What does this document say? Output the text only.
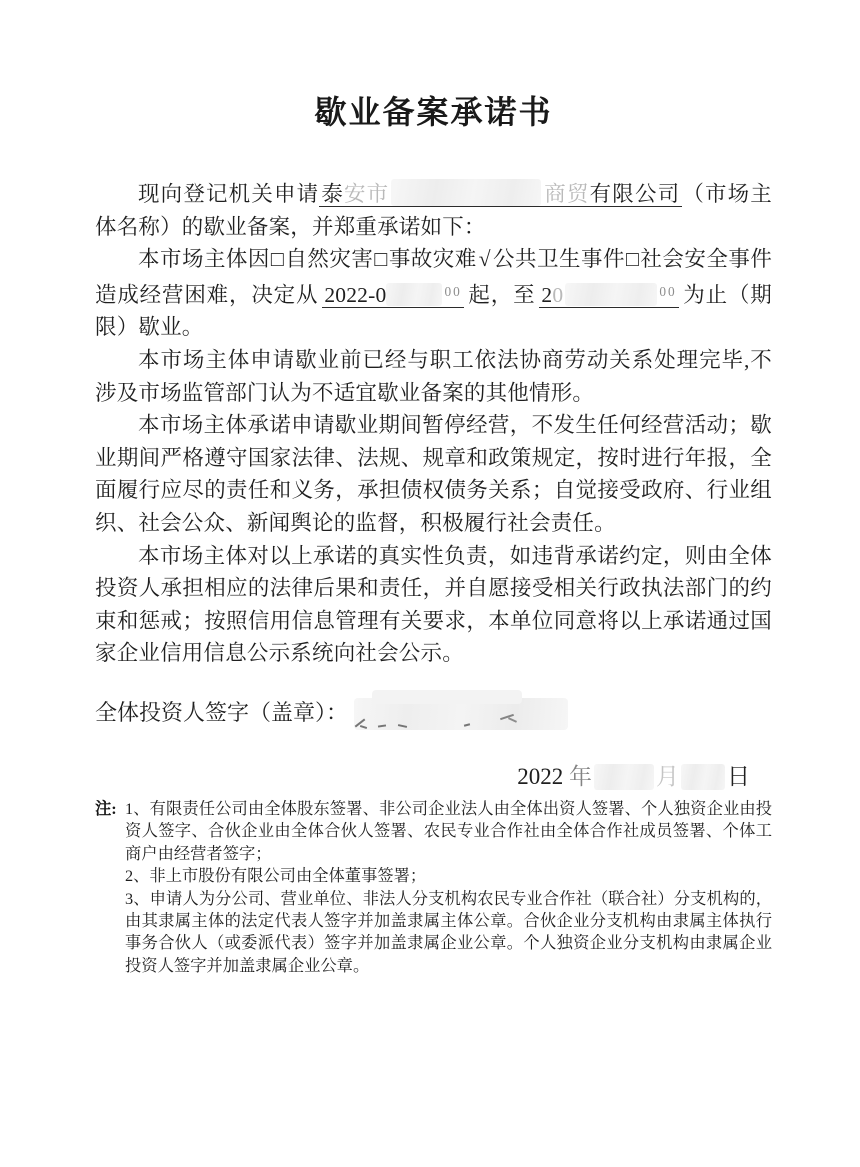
歇业备案承诺书

现向登记机关申请泰安市	商贸有限公司（市场主体名称）的歇业备案，并郑重承诺如下：

本市场主体因□自然灾害□事故灾难√公共卫生事件□社会安全事件造成经营困难，决定从 2022-0	$^{00}$ 起，至 20	$^{00}$ 为止（期限）歇业。

本市场主体申请歇业前已经与职工依法协商劳动关系处理完毕,不涉及市场监管部门认为不适宜歇业备案的其他情形。

本市场主体承诺申请歇业期间暂停经营，不发生任何经营活动；歇业期间严格遵守国家法律、法规、规章和政策规定，按时进行年报，全面履行应尽的责任和义务，承担债权债务关系；自觉接受政府、行业组织、社会公众、新闻舆论的监督，积极履行社会责任。

本市场主体对以上承诺的真实性负责，如违背承诺约定，则由全体投资人承担相应的法律后果和责任，并自愿接受相关行政执法部门的约束和惩戒；按照信用信息管理有关要求，本单位同意将以上承诺通过国家企业信用信息公示系统向社会公示。

全体投资人签字（盖章）：
2022 年	月 日
注: 1、有限责任公司由全体股东签署、非公司企业法人由全体出资人签署、个人独资企业由投资人签字、合伙企业由全体合伙人签署、农民专业合作社由全体合作社成员签署、个体工商户由经营者签字；
2、非上市股份有限公司由全体董事签署；
3、申请人为分公司、营业单位、非法人分支机构农民专业合作社（联合社）分支机构的，由其隶属主体的法定代表人签字并加盖隶属主体公章。合伙企业分支机构由隶属主体执行事务合伙人（或委派代表）签字并加盖隶属企业公章。个人独资企业分支机构由隶属企业投资人签字并加盖隶属企业公章。
